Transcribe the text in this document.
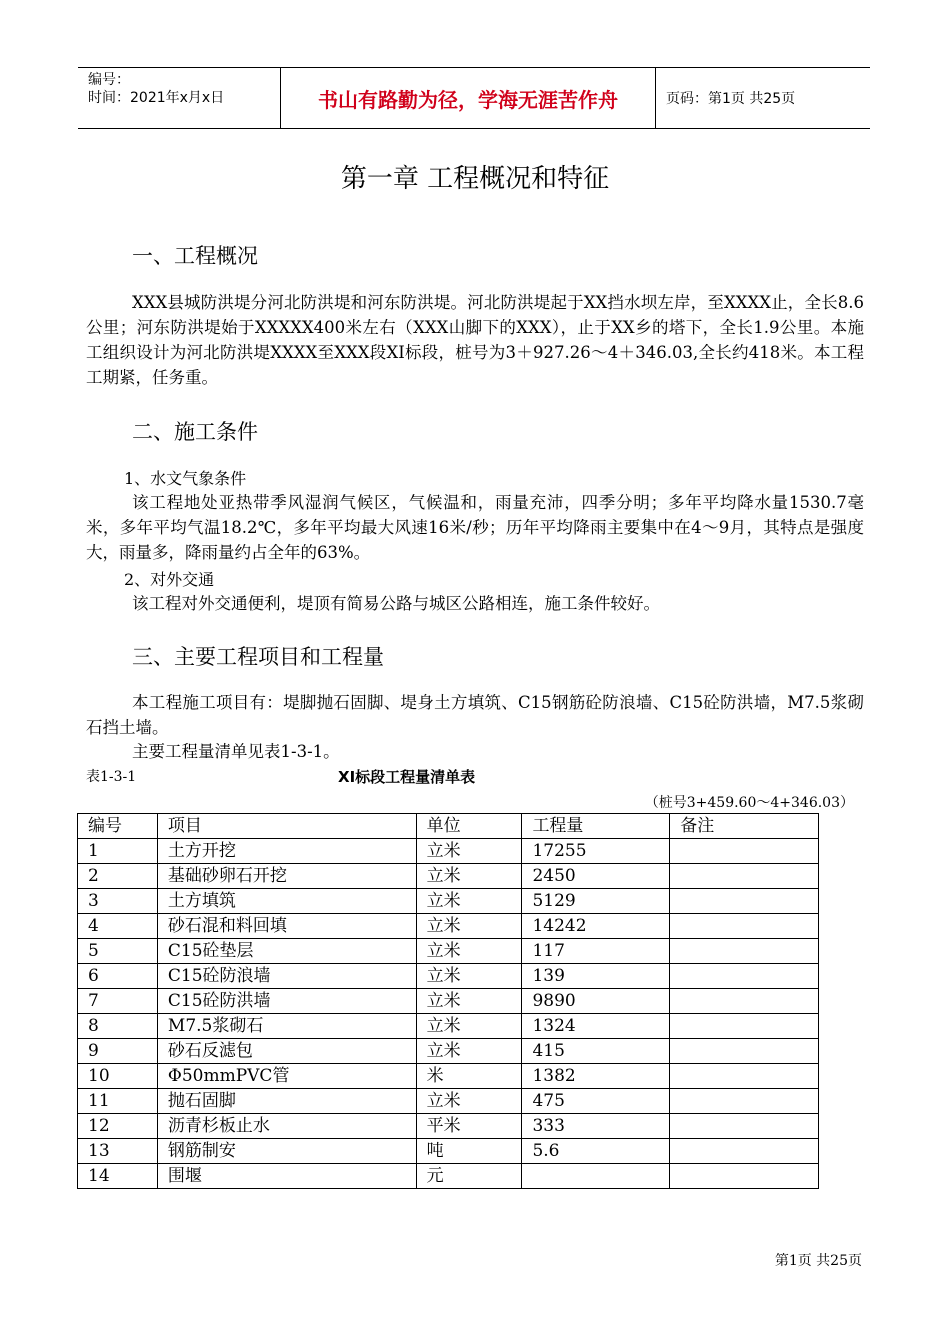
编号：
时间：2021年x月x日	书山有路勤为径，学海无涯苦作舟	页码：第1页 共25页
第一章 工程概况和特征
一、工程概况
XXX县城防洪堤分河北防洪堤和河东防洪堤。河北防洪堤起于XX挡水坝左岸，至XXXX止，全长8.6公里；河东防洪堤始于XXXXX400米左右（XXX山脚下的XXX），止于XX乡的塔下，全长1.9公里。本施工组织设计为河北防洪堤XXXX至XXX段XI标段，桩号为3＋927.26～4＋346.03,全长约418米。本工程工期紧，任务重。
二、施工条件
1、水文气象条件
该工程地处亚热带季风湿润气候区，气候温和，雨量充沛，四季分明；多年平均降水量1530.7毫米，多年平均气温18.2℃，多年平均最大风速16米/秒；历年平均降雨主要集中在4～9月，其特点是强度大，雨量多，降雨量约占全年的63%。
2、对外交通
该工程对外交通便利，堤顶有简易公路与城区公路相连，施工条件较好。
三、主要工程项目和工程量
本工程施工项目有：堤脚抛石固脚、堤身土方填筑、C15钢筋砼防浪墙、C15砼防洪墙，M7.5浆砌石挡土墙。
主要工程量清单见表1-3-1。
表1-3-1	XI标段工程量清单表
（桩号3+459.60～4+346.03）
编号	项目	单位	工程量	备注
1	土方开挖	立米	17255	
2	基础砂卵石开挖	立米	2450	
3	土方填筑	立米	5129	
4	砂石混和料回填	立米	14242	
5	C15砼垫层	立米	117	
6	C15砼防浪墙	立米	139	
7	C15砼防洪墙	立米	9890	
8	M7.5浆砌石	立米	1324	
9	砂石反滤包	立米	415	
10	Φ50mmPVC管	米	1382	
11	抛石固脚	立米	475	
12	沥青杉板止水	平米	333	
13	钢筋制安	吨	5.6	
14	围堰	元		
第1页 共25页
